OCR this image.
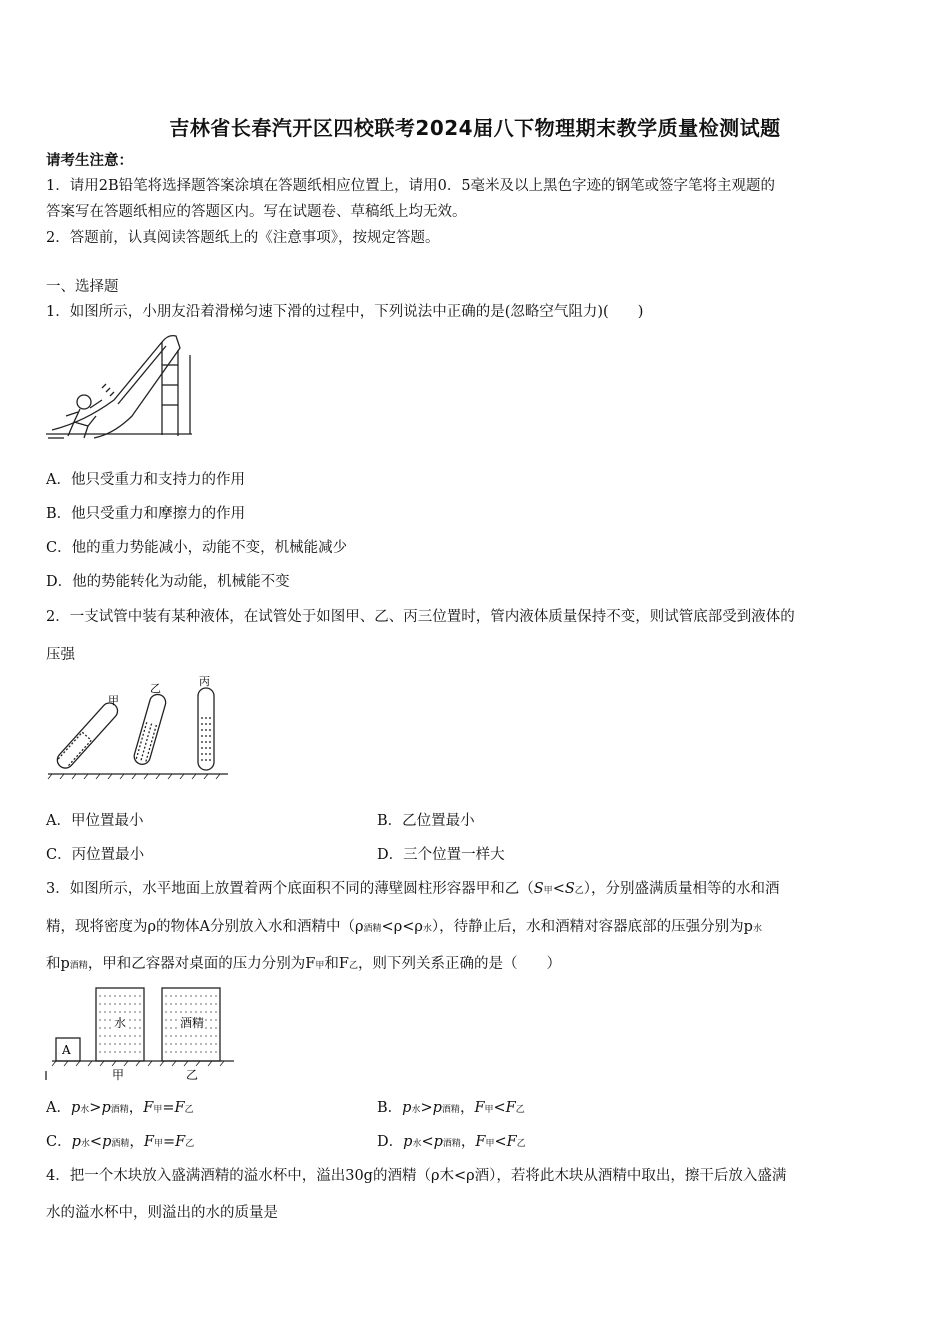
吉林省长春汽开区四校联考2024届八下物理期末教学质量检测试题
请考生注意：
1．请用2B铅笔将选择题答案涂填在答题纸相应位置上，请用0．5毫米及以上黑色字迹的钢笔或签字笔将主观题的
答案写在答题纸相应的答题区内。写在试题卷、草稿纸上均无效。
2．答题前，认真阅读答题纸上的《注意事项》，按规定答题。
一、选择题
1．如图所示，小朋友沿着滑梯匀速下滑的过程中，下列说法中正确的是(忽略空气阻力)(　　)
A．他只受重力和支持力的作用
B．他只受重力和摩擦力的作用
C．他的重力势能减小，动能不变，机械能减少
D．他的势能转化为动能，机械能不变
2．一支试管中装有某种液体，在试管处于如图甲、乙、丙三位置时，管内液体质量保持不变，则试管底部受到液体的
压强
甲
乙
丙
A．甲位置最小	B．乙位置最小
C．丙位置最小	D．三个位置一样大
3．如图所示，水平地面上放置着两个底面积不同的薄壁圆柱形容器甲和乙（S甲<S乙），分别盛满质量相等的水和酒
精，现将密度为ρ的物体A分别放入水和酒精中（ρ酒精<ρ<ρ水），待静止后，水和酒精对容器底部的压强分别为p水
和p酒精，甲和乙容器对桌面的压力分别为F甲和F乙，则下列关系正确的是（　　）
水	酒精
A
甲	乙
A．p水>p酒精，F甲=F乙	B．p水>p酒精，F甲<F乙
C．p水<p酒精，F甲=F乙	D．p水<p酒精，F甲<F乙
4．把一个木块放入盛满酒精的溢水杯中，溢出30g的酒精（ρ木<ρ酒），若将此木块从酒精中取出，擦干后放入盛满
水的溢水杯中，则溢出的水的质量是
